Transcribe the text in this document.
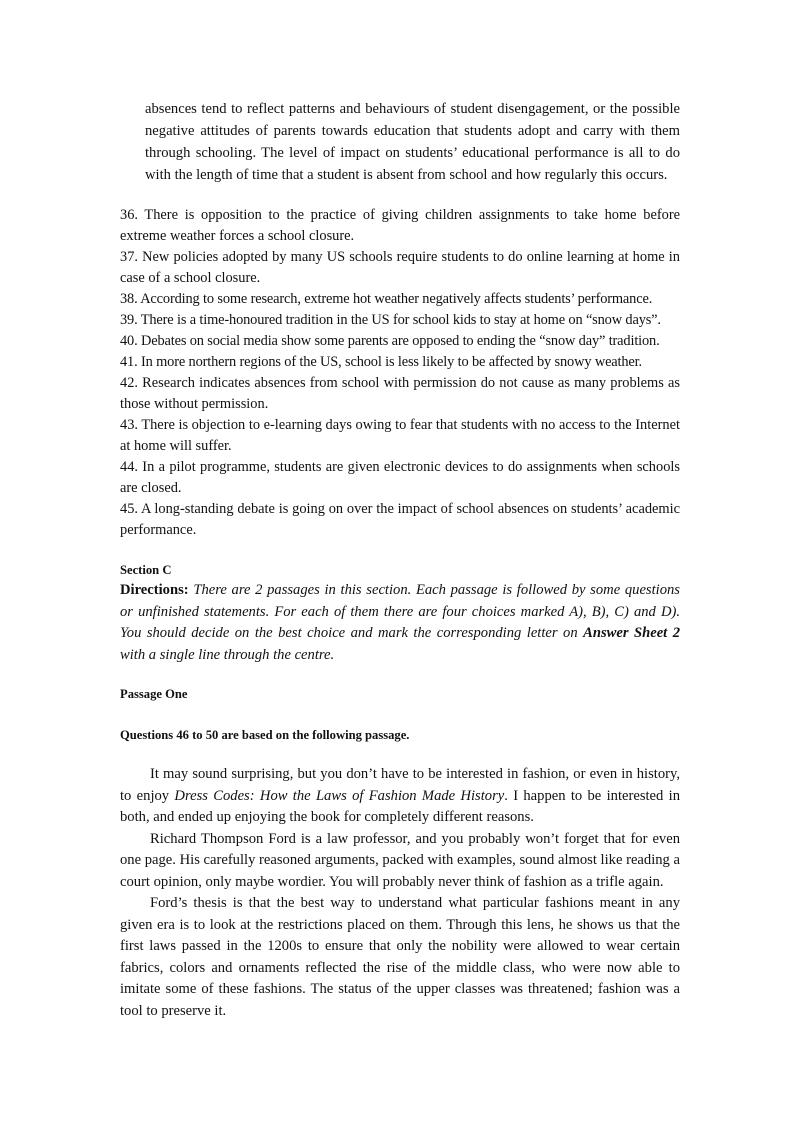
absences tend to reflect patterns and behaviours of student disengagement, or the possible negative attitudes of parents towards education that students adopt and carry with them through schooling. The level of impact on students’ educational performance is all to do with the length of time that a student is absent from school and how regularly this occurs.

36. There is opposition to the practice of giving children assignments to take home before extreme weather forces a school closure.

37. New policies adopted by many US schools require students to do online learning at home in case of a school closure.

38. According to some research, extreme hot weather negatively affects students’ performance.

39. There is a time-honoured tradition in the US for school kids to stay at home on “snow days”.

40. Debates on social media show some parents are opposed to ending the “snow day” tradition.

41. In more northern regions of the US, school is less likely to be affected by snowy weather.

42. Research indicates absences from school with permission do not cause as many problems as those without permission.

43. There is objection to e-learning days owing to fear that students with no access to the Internet at home will suffer.

44. In a pilot programme, students are given electronic devices to do assignments when schools are closed.

45. A long-standing debate is going on over the impact of school absences on students’ academic performance.

Section C

Directions: There are 2 passages in this section. Each passage is followed by some questions or unfinished statements. For each of them there are four choices marked A), B), C) and D). You should decide on the best choice and mark the corresponding letter on Answer Sheet 2 with a single line through the centre.

Passage One

Questions 46 to 50 are based on the following passage.

It may sound surprising, but you don’t have to be interested in fashion, or even in history, to enjoy Dress Codes: How the Laws of Fashion Made History. I happen to be interested in both, and ended up enjoying the book for completely different reasons.

Richard Thompson Ford is a law professor, and you probably won’t forget that for even one page. His carefully reasoned arguments, packed with examples, sound almost like reading a court opinion, only maybe wordier. You will probably never think of fashion as a trifle again.

Ford’s thesis is that the best way to understand what particular fashions meant in any given era is to look at the restrictions placed on them. Through this lens, he shows us that the first laws passed in the 1200s to ensure that only the nobility were allowed to wear certain fabrics, colors and ornaments reflected the rise of the middle class, who were now able to imitate some of these fashions. The status of the upper classes was threatened; fashion was a tool to preserve it.
